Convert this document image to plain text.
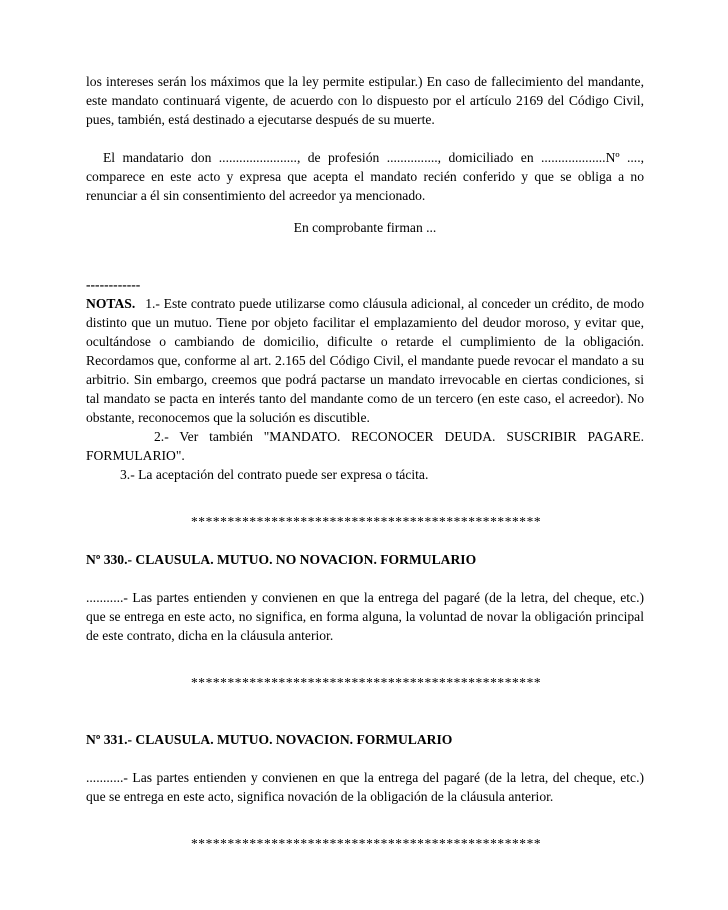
los intereses serán los máximos que la ley permite estipular.) En caso de fallecimiento del mandante, este mandato continuará vigente, de acuerdo con lo dispuesto por el artículo 2169 del Código Civil, pues, también, está destinado a ejecutarse después de su muerte.

El mandatario don ......................., de profesión ..............., domiciliado en ...................Nº ...., comparece en este acto y expresa que acepta el mandato recién conferido y que se obliga a no renunciar a él sin consentimiento del acreedor ya mencionado.

En comprobante firman ...

------------

NOTAS. 1.- Este contrato puede utilizarse como cláusula adicional, al conceder un crédito, de modo distinto que un mutuo. Tiene por objeto facilitar el emplazamiento del deudor moroso, y evitar que, ocultándose o cambiando de domicilio, dificulte o retarde el cumplimiento de la obligación. Recordamos que, conforme al art. 2.165 del Código Civil, el mandante puede revocar el mandato a su arbitrio. Sin embargo, creemos que podrá pactarse un mandato irrevocable en ciertas condiciones, si tal mandato se pacta en interés tanto del mandante como de un tercero (en este caso, el acreedor). No obstante, reconocemos que la solución es discutible.

2.- Ver también "MANDATO. RECONOCER DEUDA. SUSCRIBIR PAGARE. FORMULARIO".

3.- La aceptación del contrato puede ser expresa o tácita.

************************************************

Nº 330.- CLAUSULA. MUTUO. NO NOVACION. FORMULARIO

...........- Las partes entienden y convienen en que la entrega del pagaré (de la letra, del cheque, etc.) que se entrega en este acto, no significa, en forma alguna, la voluntad de novar la obligación principal de este contrato, dicha en la cláusula anterior.

************************************************

Nº 331.- CLAUSULA. MUTUO. NOVACION. FORMULARIO

...........- Las partes entienden y convienen en que la entrega del pagaré (de la letra, del cheque, etc.) que se entrega en este acto, significa novación de la obligación de la cláusula anterior.

************************************************
